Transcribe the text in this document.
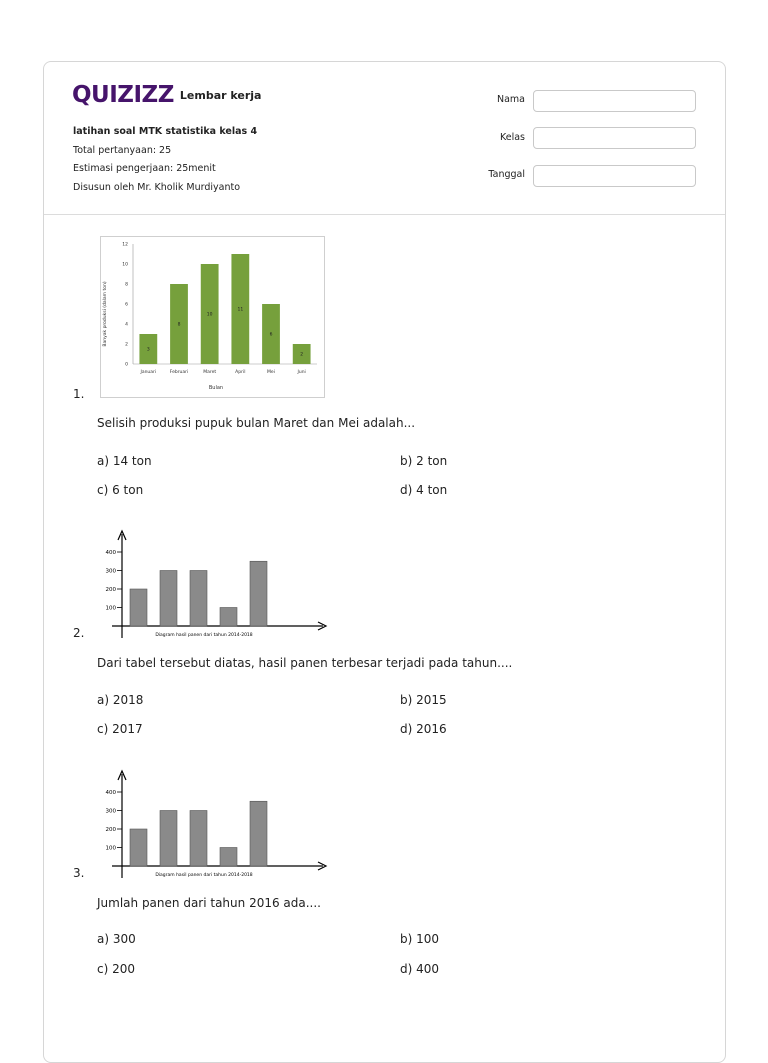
QUIZIZZ Lembar kerja
latihan soal MTK statistika kelas 4
Total pertanyaan: 25
Estimasi pengerjaan: 25menit
Disusun oleh Mr. Kholik Murdiyanto
Nama
Kelas
Tanggal
0
2
4
6
8
10
12
3
Januari
8
Februari
10
Maret
11
April
6
Mei
2
Juni
Banyak produksi (dalam ton)
Bulan
1.
Selisih produksi pupuk bulan Maret dan Mei adalah...
a) 14 ton	b) 2 ton
c) 6 ton	d) 4 ton
100
200
300
400
Diagram hasil panen dari tahun 2014-2018
2.
Dari tabel tersebut diatas, hasil panen terbesar terjadi pada tahun....
a) 2018	b) 2015
c) 2017	d) 2016
100
200
300
400
Diagram hasil panen dari tahun 2014-2018
3.
Jumlah panen dari tahun 2016 ada....
a) 300	b) 100
c) 200	d) 400
